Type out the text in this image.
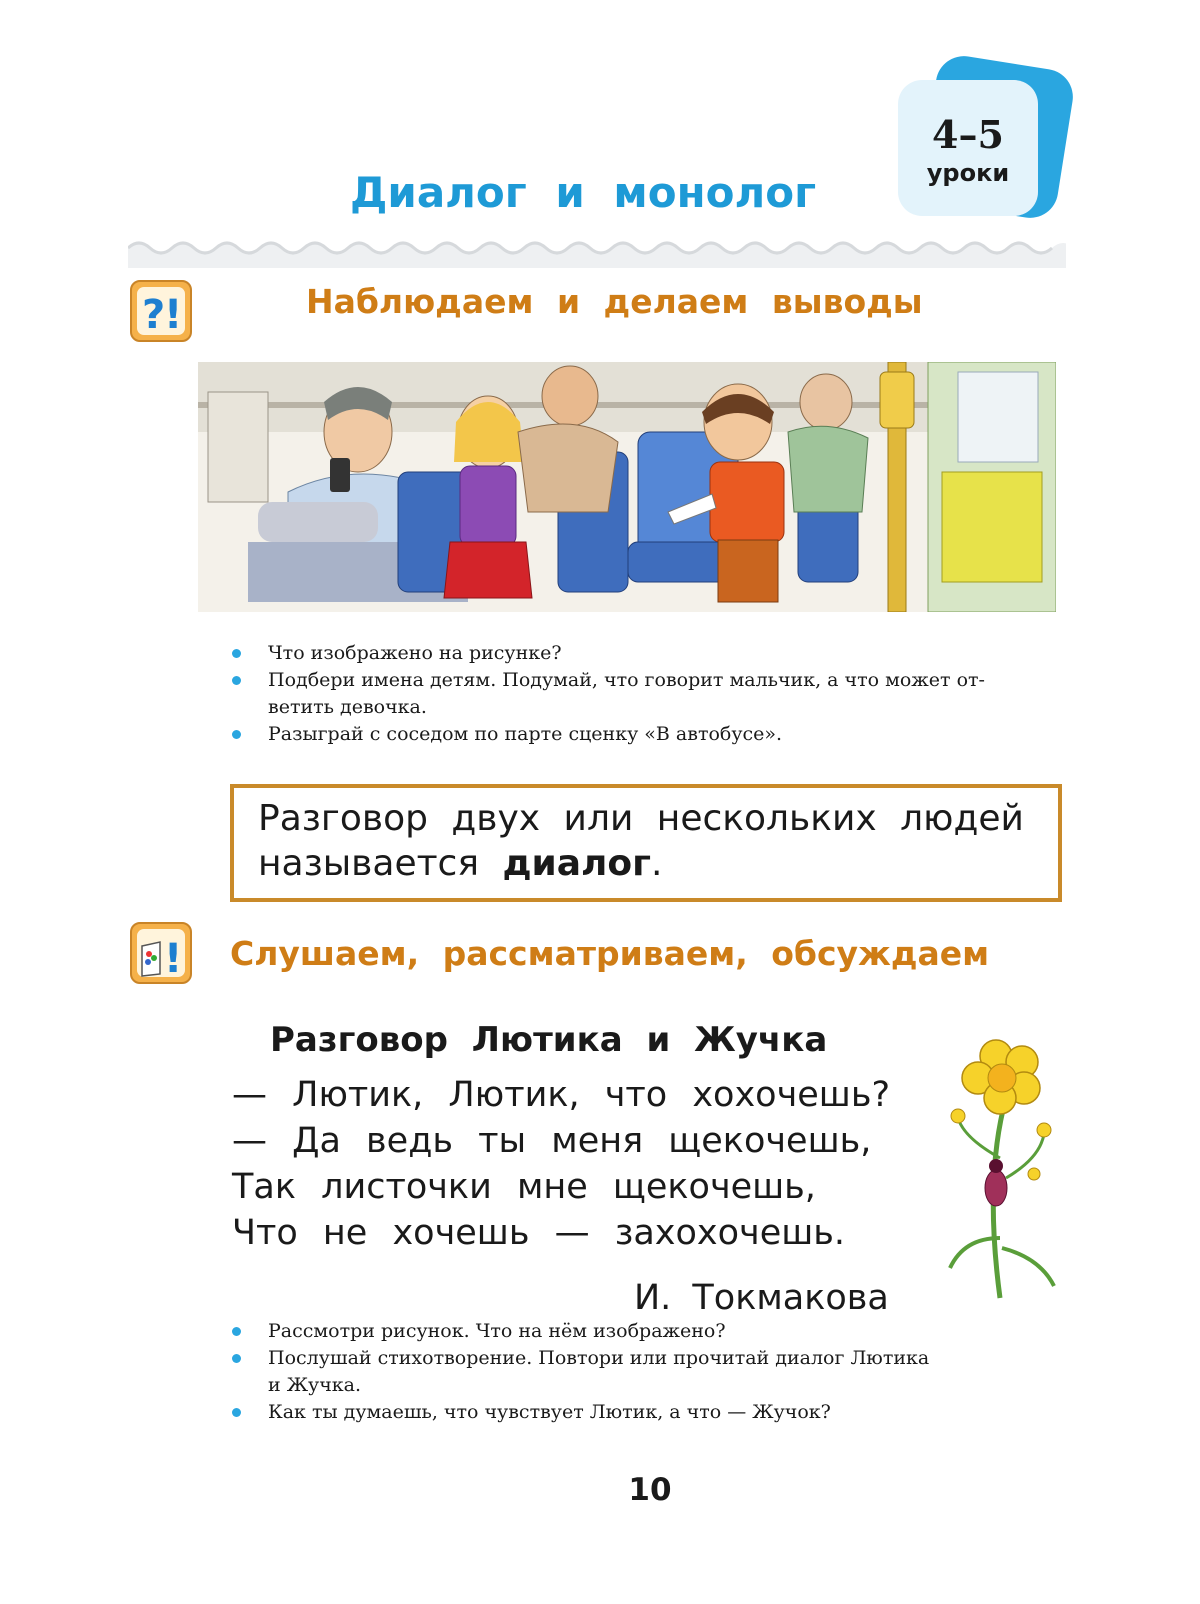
4–5
уроки
Диалог и монолог
?
!	Наблюдаем и делаем выводы
Что изображено на рисунке?
Подбери имена детям. Подумай, что говорит мальчик, а что может от-
ветить девочка.
Разыграй с соседом по парте сценку «В автобусе».
Разговор двух или нескольких людей называется диалог.
! Слушаем, рассматриваем, обсуждаем
Разговор Лютика и Жучка
— Лютик, Лютик, что хохочешь?
— Да ведь ты меня щекочешь,
Так листочки мне щекочешь,
Что не хочешь — захохочешь.
И. Токмакова
Рассмотри рисунок. Что на нём изображено?
Послушай стихотворение. Повтори или прочитай диалог Лютика
и Жучка.
Как ты думаешь, что чувствует Лютик, а что — Жучок?
10
